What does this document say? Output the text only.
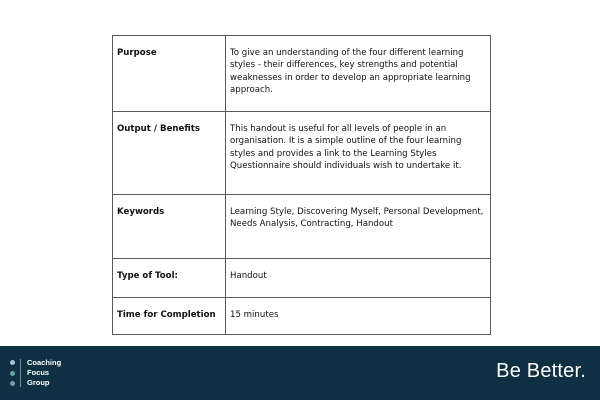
Purpose	To give an understanding of the four different learning styles - their differences, key strengths and potential weaknesses in order to develop an appropriate learning approach.

Output / Benefits	This handout is useful for all levels of people in an organisation. It is a simple outline of the four learning styles and provides a link to the Learning Styles Questionnaire should individuals wish to undertake it.

Keywords	Learning Style, Discovering Myself, Personal Development, Needs Analysis, Contracting, Handout

Type of Tool:	Handout

Time for Completion	15 minutes
Coaching
Focus
Group
Be Better.
